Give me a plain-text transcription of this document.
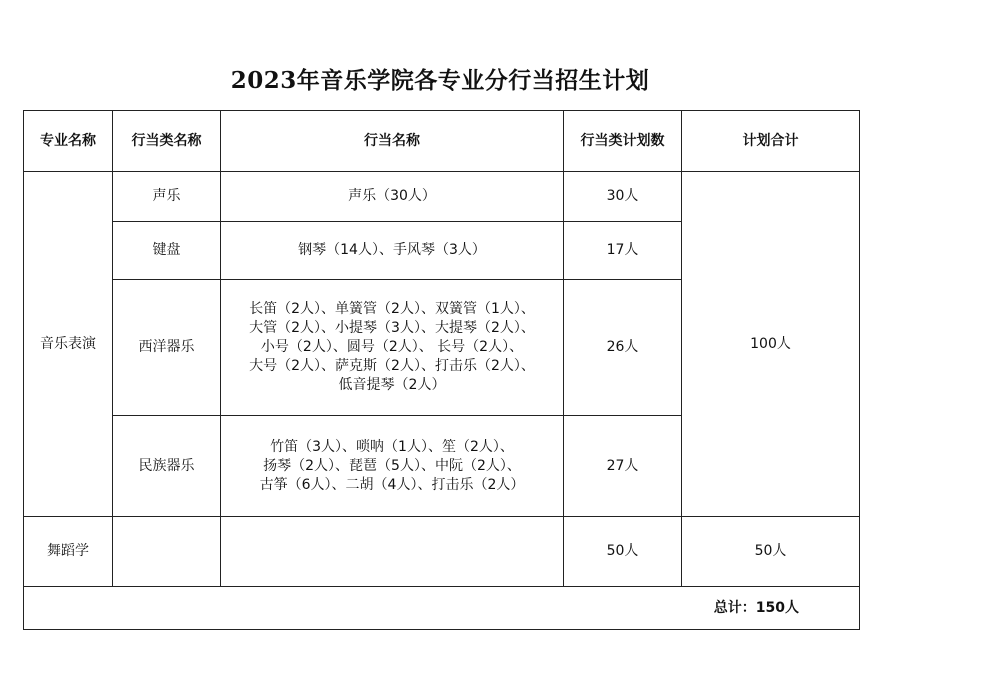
2023年音乐学院各专业分行当招生计划
专业名称	行当类名称	行当名称	行当类计划数	计划合计
音乐表演	声乐	声乐（30人）	30人	100人
	键盘	钢琴（14人）、手风琴（3人）	17人	
	西洋器乐	长笛（2人）、单簧管（2人）、双簧管（1人）、
大管（2人）、小提琴（3人）、大提琴（2人）、
小号（2人）、圆号（2人）、 长号（2人）、
大号（2人）、萨克斯（2人）、打击乐（2人）、
低音提琴（2人）	26人	
	民族器乐	竹笛（3人）、唢呐（1人）、笙（2人）、
扬琴（2人）、琵琶（5人）、中阮（2人）、
古筝（6人）、二胡（4人）、打击乐（2人）	27人	
舞蹈学			50人	50人
总计：150人				
